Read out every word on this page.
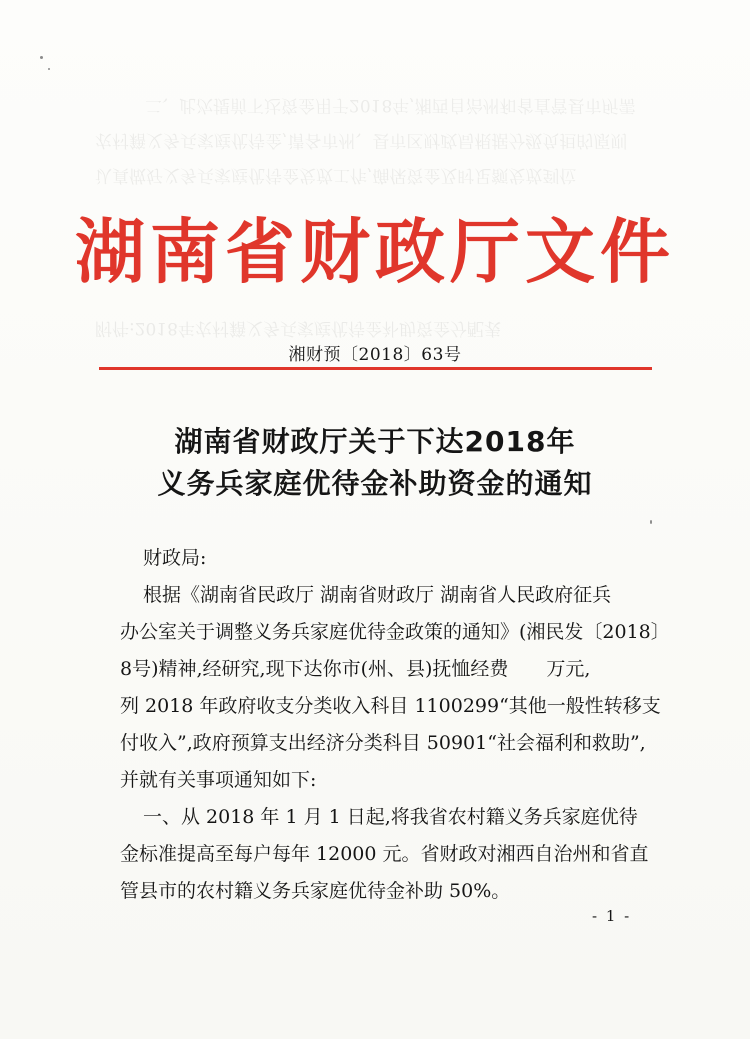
二、此次提前下达资金用于2018年,湘西自治州和省直管县市所需
农村籍义务兵家庭优待金,请各市州、县市区财政局根据分级负担的原则
认真做好义务兵家庭优待金发放工作,确保资金及时足额发放到位
附件:2018年农村籍义务兵家庭优待金补助资金分配表
湖南省财政厅文件
湘财预〔2018〕63号
湖南省财政厅关于下达2018年
义务兵家庭优待金补助资金的通知
财政局:
根据《湖南省民政厅 湖南省财政厅 湖南省人民政府征兵
办公室关于调整义务兵家庭优待金政策的通知》(湘民发〔2018〕
8号)精神,经研究,现下达你市(州、县)抚恤经费　　万元,
列 2018 年政府收支分类收入科目 1100299“其他一般性转移支
付收入”,政府预算支出经济分类科目 50901“社会福利和救助”,
并就有关事项通知如下:
一、从 2018 年 1 月 1 日起,将我省农村籍义务兵家庭优待
金标准提高至每户每年 12000 元。省财政对湘西自治州和省直
管县市的农村籍义务兵家庭优待金补助 50%。
- 1 -
